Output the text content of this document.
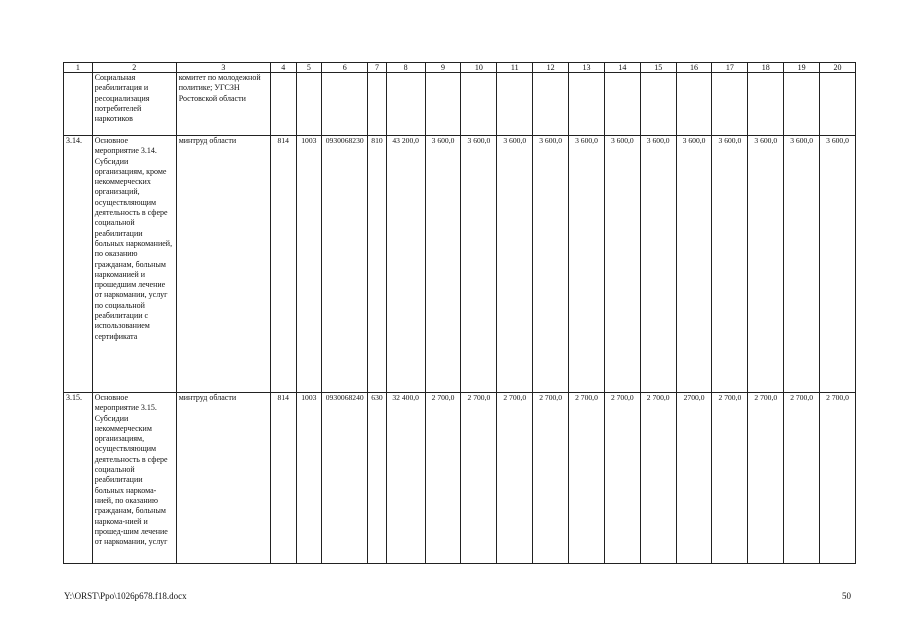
1	2	3	4	5	6	7	8	9	10	11	12	13	14	15	16	17	18	19	20
	Социальная реабилитация и ресоциализация потребителей наркотиков	комитет по молодежной политике; УГСЗН Ростовской области																	
3.14.	Основное мероприятие 3.14. Субсидии организациям, кроме некоммерческих организаций, осуществляющим деятельность в сфере социальной реабилитации больных наркоманией, по оказанию гражданам, больным наркоманией и прошедшим лечение от наркомании, услуг по социальной реабилитации с использованием сертификата	минтруд области	814	1003	0930068230	810	43 200,0	3 600,0	3 600,0	3 600,0	3 600,0	3 600,0	3 600,0	3 600,0	3 600,0	3 600,0	3 600,0	3 600,0	3 600,0
3.15.	Основное мероприятие 3.15. Субсидии некоммерческим организациям, осуществляющим деятельность в сфере социальной реабилитации больных наркома-нией, по оказанию гражданам, больным наркома-нией и прошед-шим лечение от наркомании, услуг	минтруд области	814	1003	0930068240	630	32 400,0	2 700,0	2 700,0	2 700,0	2 700,0	2 700,0	2 700,0	2 700,0	2700,0	2 700,0	2 700,0	2 700,0	2 700,0
Y:\ORST\Ppo\1026p678.f18.docx	50
